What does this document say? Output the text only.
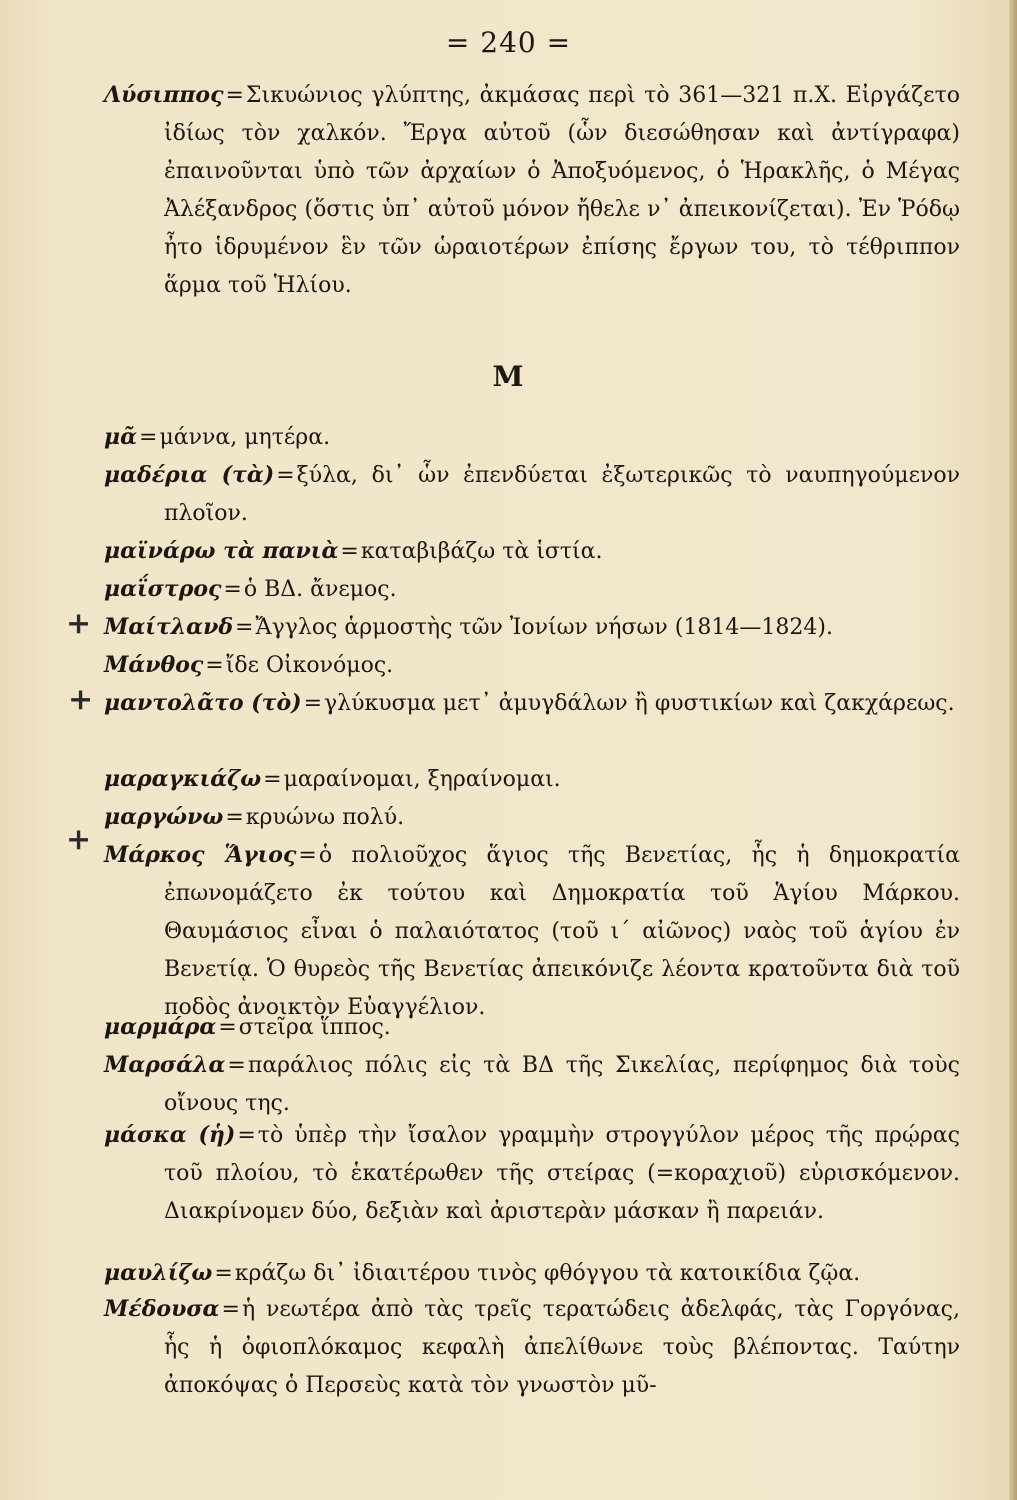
= 240 =
Μ
Λύσιππος=Σικυώνιος γλύπτης, ἀκμάσας περὶ τὸ 361—321 π.Χ. Εἰργάζετο ἰδίως τὸν χαλκόν. Ἔργα αὐτοῦ (ὧν διεσώθησαν καὶ ἀντίγραφα) ἐπαινοῦνται ὑπὸ τῶν ἀρχαίων ὁ Ἀποξυόμενος, ὁ Ἡρακλῆς, ὁ Μέγας Ἀλέξανδρος (ὅστις ὑπ᾽ αὐτοῦ μόνον ἤθελε ν᾽ ἀπεικονίζεται). Ἐν Ῥόδῳ ἦτο ἱδρυμένον ἓν τῶν ὡραιοτέρων ἐπίσης ἔργων του, τὸ τέθριππον ἅρμα τοῦ Ἡλίου.
μᾶ=μάννα, μητέρα.
μαδέρια (τὰ)=ξύλα, δι᾽ ὧν ἐπενδύεται ἐξωτερικῶς τὸ ναυπηγούμενον πλοῖον.
μαϊνάρω τὰ πανιὰ=καταβιβάζω τὰ ἱστία.
μαΐστρος=ὁ ΒΔ. ἄνεμος.
Μαίτλανδ=Ἄγγλος ἁρμοστὴς τῶν Ἰονίων νήσων (1814—1824).
Μάνθος=ἴδε Οἰκονόμος.
μαντολᾶτο (τὸ)=γλύκυσμα μετ᾽ ἀμυγδάλων ἢ φυστικίων καὶ ζακχάρεως.
μαραγκιάζω=μαραίνομαι, ξηραίνομαι.
μαργώνω=κρυώνω πολύ.
Μάρκος Ἅγιος=ὁ πολιοῦχος ἅγιος τῆς Βενετίας, ἧς ἡ δημοκρατία ἐπωνομάζετο ἐκ τούτου καὶ Δημοκρατία τοῦ Ἁγίου Μάρκου. Θαυμάσιος εἶναι ὁ παλαιότατος (τοῦ ι΄ αἰῶνος) ναὸς τοῦ ἁγίου ἐν Βενετίᾳ. Ὁ θυρεὸς τῆς Βενετίας ἀπεικόνιζε λέοντα κρατοῦντα διὰ τοῦ ποδὸς ἀνοικτὸν Εὐαγγέλιον.
μαρμάρα=στεῖρα ἵππος.
Μαρσάλα=παράλιος πόλις εἰς τὰ ΒΔ τῆς Σικελίας, περίφημος διὰ τοὺς οἴνους της.
μάσκα (ἡ)=τὸ ὑπὲρ τὴν ἴσαλον γραμμὴν στρογγύλον μέρος τῆς πρῴρας τοῦ πλοίου, τὸ ἑκατέρωθεν τῆς στείρας (=κοραχιοῦ) εὑρισκόμενον. Διακρίνομεν δύο, δεξιὰν καὶ ἀριστερὰν μάσκαν ἢ παρειάν.
μαυλίζω=κράζω δι᾽ ἰδιαιτέρου τινὸς φθόγγου τὰ κατοικίδια ζῷα.
Μέδουσα=ἡ νεωτέρα ἀπὸ τὰς τρεῖς τερατώδεις ἀδελφάς, τὰς Γοργόνας, ἧς ἡ ὀφιοπλόκαμος κεφαλὴ ἀπελίθωνε τοὺς βλέποντας. Ταύτην ἀποκόψας ὁ Περσεὺς κατὰ τὸν γνωστὸν μῦ-
+
+
+
